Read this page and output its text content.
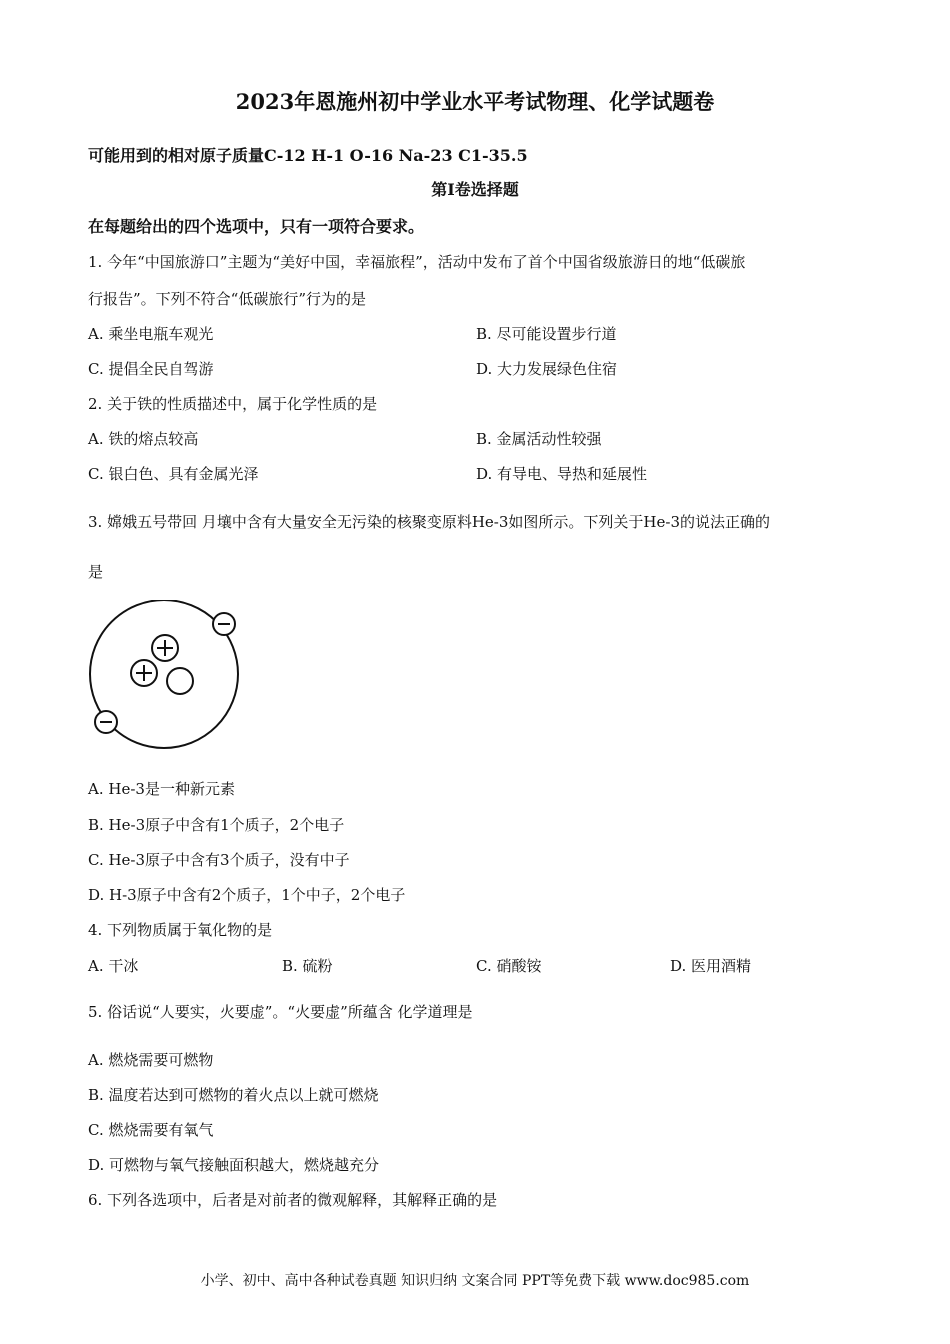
2023年恩施州初中学业水平考试物理、化学试题卷
可能用到的相对原子质量C-12 H-1 O-16 Na-23 C1-35.5
第I卷选择题
在每题给出的四个选项中，只有一项符合要求。
1. 今年“中国旅游口”主题为“美好中国，幸福旅程”，活动中发布了首个中国省级旅游日的地“低碳旅
行报告”。下列不符合“低碳旅行”行为的是
A. 乘坐电瓶车观光	B. 尽可能设置步行道
C. 提倡全民自驾游	D. 大力发展绿色住宿
2. 关于铁的性质描述中，属于化学性质的是
A. 铁的熔点较高	B. 金属活动性较强
C. 银白色、具有金属光泽	D. 有导电、导热和延展性
3. 嫦娥五号带回 月壤中含有大量安全无污染的核聚变原料He-3如图所示。下列关于He-3的说法正确的
是
A. He-3是一种新元素
B. He-3原子中含有1个质子，2个电子
C. He-3原子中含有3个质子，没有中子
D. H-3原子中含有2个质子，1个中子，2个电子
4. 下列物质属于氧化物的是
A. 干冰	B. 硫粉	C. 硝酸铵	D. 医用酒精
5. 俗话说“人要实，火要虚”。“火要虚”所蕴含 化学道理是
A. 燃烧需要可燃物
B. 温度若达到可燃物的着火点以上就可燃烧
C. 燃烧需要有氧气
D. 可燃物与氧气接触面积越大，燃烧越充分
6. 下列各选项中，后者是对前者的微观解释，其解释正确的是
小学、初中、高中各种试卷真题 知识归纳 文案合同 PPT等免费下载 www.doc985.com
